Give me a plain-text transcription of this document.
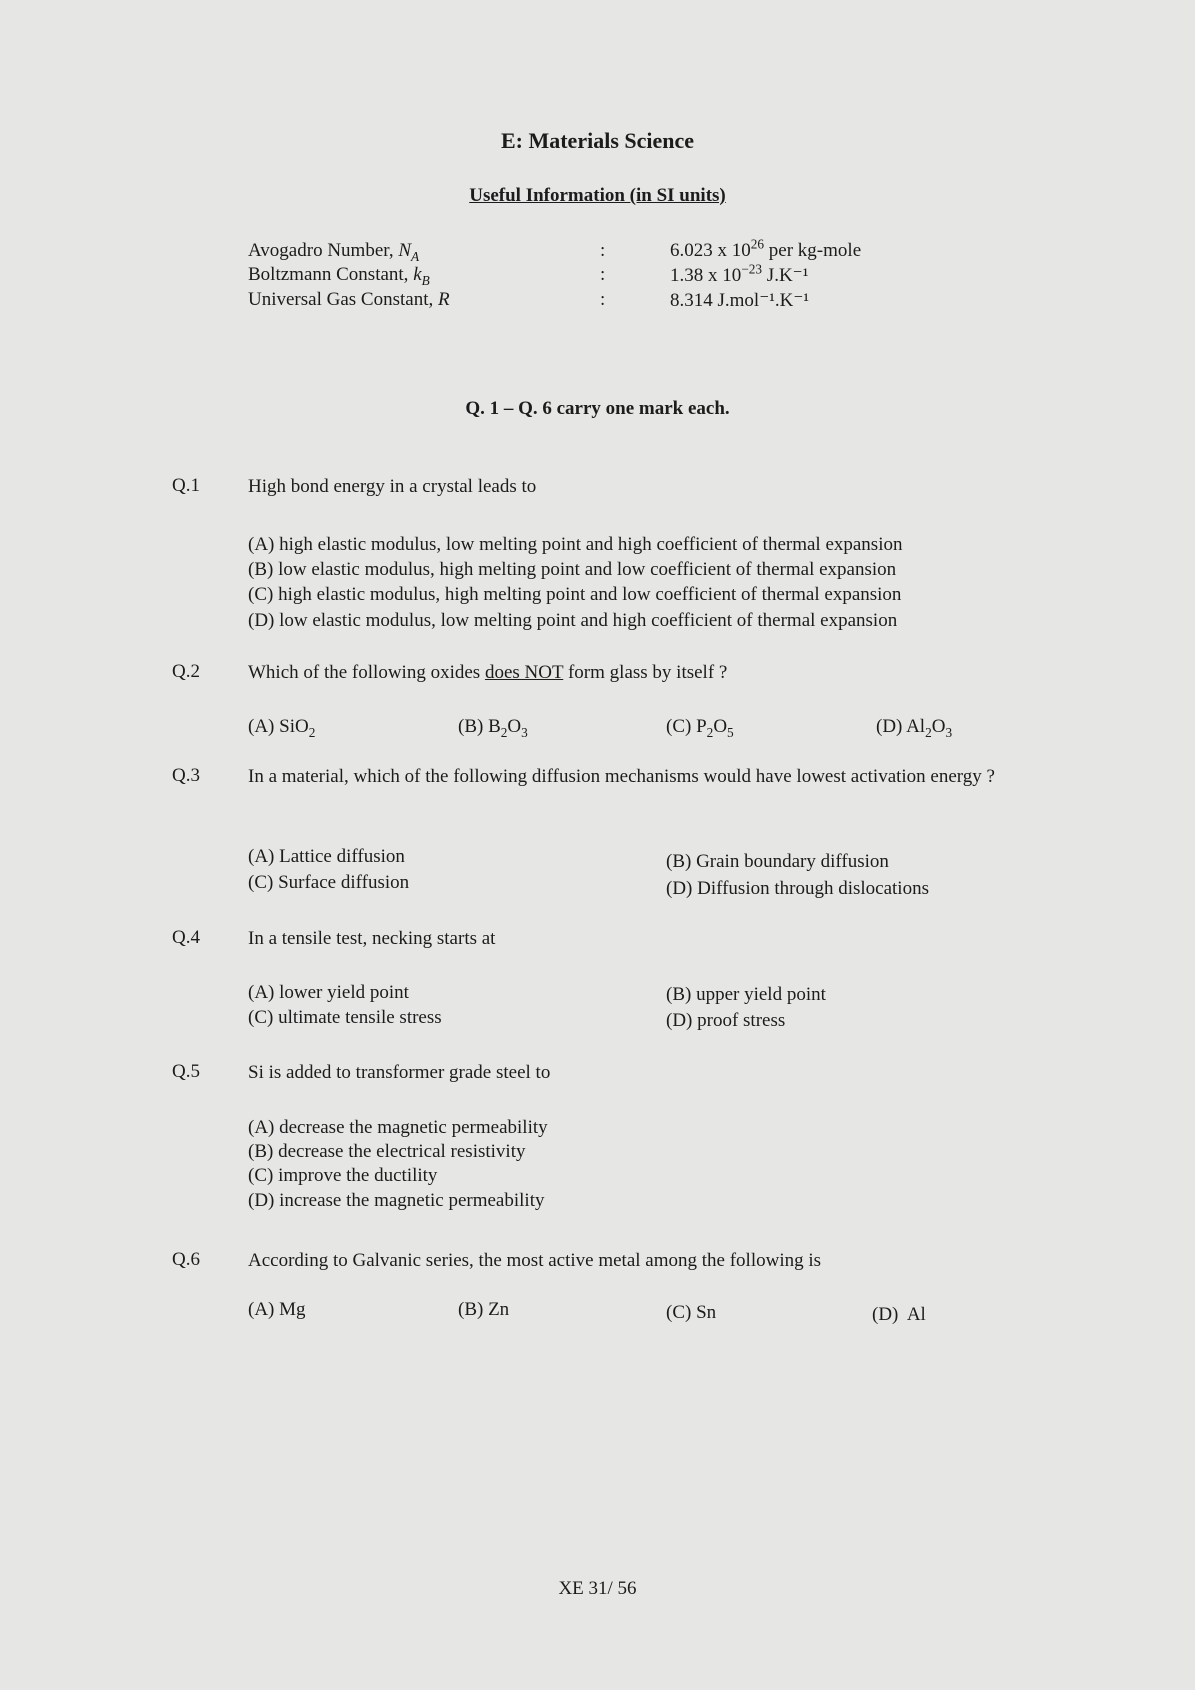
E: Materials Science
Useful Information (in SI units)
Avogadro Number, $N_A$	:	6.023 x $10^{26}$ per kg-mole
Boltzmann Constant, $k_B$	:	1.38 x $10^{-23}$ J.K⁻¹
Universal Gas Constant, R	:	8.314 J.mol⁻¹.K⁻¹
Q. 1 – Q. 6 carry one mark each.
Q.1	High bond energy in a crystal leads to
(A) high elastic modulus, low melting point and high coefficient of thermal expansion
(B) low elastic modulus, high melting point and low coefficient of thermal expansion
(C) high elastic modulus, high melting point and low coefficient of thermal expansion
(D) low elastic modulus, low melting point and high coefficient of thermal expansion
Q.2	Which of the following oxides does NOT form glass by itself ?
(A) SiO$_2$	(B) $B_2O_3$	(C) $P_2O_5$	(D) $Al_2O_3$
Q.3	In a material, which of the following diffusion mechanisms would have lowest activation energy ?
(A) Lattice diffusion	(B) Grain boundary diffusion
(C) Surface diffusion	(D) Diffusion through dislocations
Q.4	In a tensile test, necking starts at
(A) lower yield point	(B) upper yield point
(C) ultimate tensile stress	(D) proof stress
Q.5	Si is added to transformer grade steel to
(A) decrease the magnetic permeability
(B) decrease the electrical resistivity
(C) improve the ductility
(D) increase the magnetic permeability
Q.6	According to Galvanic series, the most active metal among the following is
(A) Mg	(B) Zn	(C) Sn	(D)  Al
XE 31/ 56
